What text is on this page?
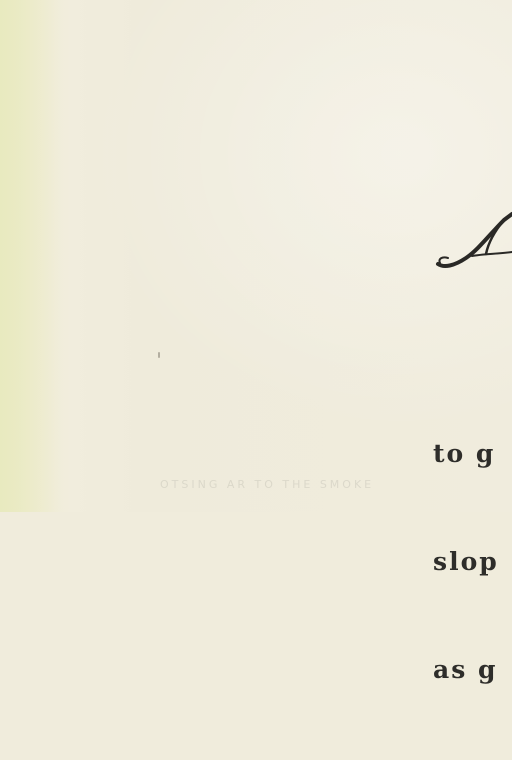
OTSING AR TO THE SMOKE

to g

slop

as g
